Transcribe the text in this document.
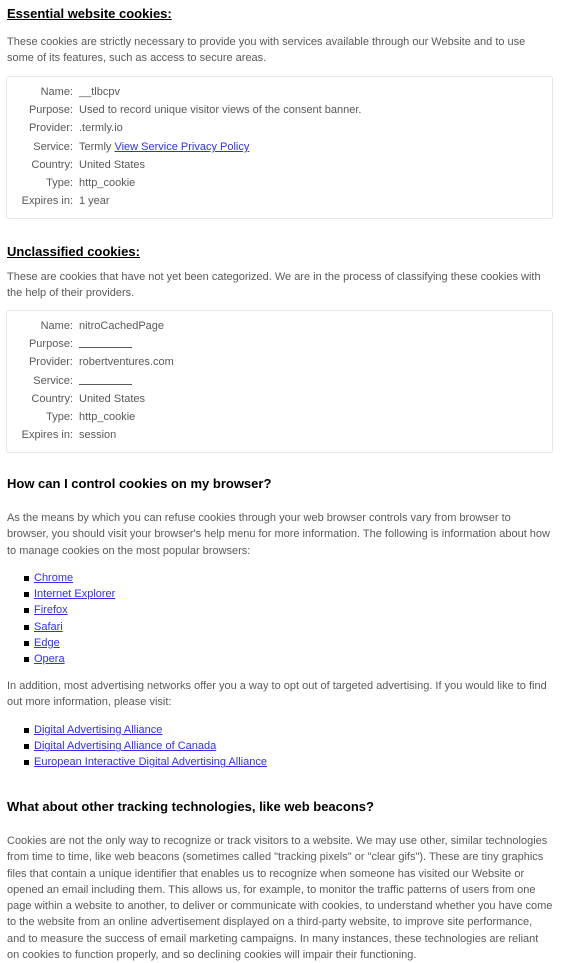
Essential website cookies:

These cookies are strictly necessary to provide you with services available through our Website and to use some of its features, such as access to secure areas.

Name: __tlbcpv
Purpose: Used to record unique visitor views of the consent banner.
Provider: .termly.io
Service: Termly View Service Privacy Policy
Country: United States
Type: http_cookie
Expires in: 1 year
Unclassified cookies:

These are cookies that have not yet been categorized. We are in the process of classifying these cookies with the help of their providers.

Name: nitroCachedPage
Purpose:
Provider: robertventures.com
Service:
Country: United States
Type: http_cookie
Expires in: session
How can I control cookies on my browser?

As the means by which you can refuse cookies through your web browser controls vary from browser to browser, you should visit your browser's help menu for more information. The following is information about how to manage cookies on the most popular browsers:

Chrome
Internet Explorer
Firefox
Safari
Edge
Opera

In addition, most advertising networks offer you a way to opt out of targeted advertising. If you would like to find out more information, please visit:

Digital Advertising Alliance
Digital Advertising Alliance of Canada
European Interactive Digital Advertising Alliance
What about other tracking technologies, like web beacons?

Cookies are not the only way to recognize or track visitors to a website. We may use other, similar technologies from time to time, like web beacons (sometimes called "tracking pixels" or "clear gifs"). These are tiny graphics files that contain a unique identifier that enables us to recognize when someone has visited our Website or opened an email including them. This allows us, for example, to monitor the traffic patterns of users from one page within a website to another, to deliver or communicate with cookies, to understand whether you have come to the website from an online advertisement displayed on a third-party website, to improve site performance, and to measure the success of email marketing campaigns. In many instances, these technologies are reliant on cookies to function properly, and so declining cookies will impair their functioning.
